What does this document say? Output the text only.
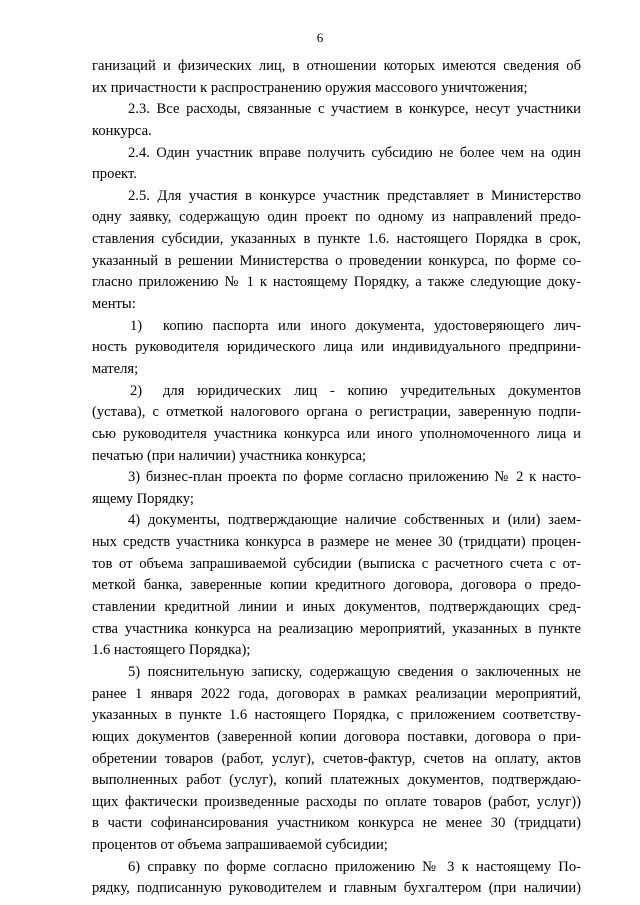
6
ганизаций и физических лиц, в отношении которых имеются сведения об
их причастности к распространению оружия массового уничтожения;
2.3. Все расходы, связанные с участием в конкурсе, несут участники
конкурса.
2.4. Один участник вправе получить субсидию не более чем на один
проект.
2.5. Для участия в конкурсе участник представляет в Министерство
одну заявку, содержащую один проект по одному из направлений предо-
ставления субсидии, указанных в пункте 1.6. настоящего Порядка в срок,
указанный в решении Министерства о проведении конкурса, по форме со-
гласно приложению № 1 к настоящему Порядку, а также следующие доку-
менты:
1)	копию паспорта или иного документа, удостоверяющего лич-
ность руководителя юридического лица или индивидуального предприни-
мателя;
2)	для юридических лиц - копию учредительных документов
(устава), с отметкой налогового органа о регистрации, заверенную подпи-
сью руководителя участника конкурса или иного уполномоченного лица и
печатью (при наличии) участника конкурса;
3) бизнес-план проекта по форме согласно приложению № 2 к насто-
ящему Порядку;
4) документы, подтверждающие наличие собственных и (или) заем-
ных средств участника конкурса в размере не менее 30 (тридцати) процен-
тов от объема запрашиваемой субсидии (выписка с расчетного счета с от-
меткой банка, заверенные копии кредитного договора, договора о предо-
ставлении кредитной линии и иных документов, подтверждающих сред-
ства участника конкурса на реализацию мероприятий, указанных в пункте
1.6 настоящего Порядка);
5) пояснительную записку, содержащую сведения о заключенных не
ранее 1 января 2022 года, договорах в рамках реализации мероприятий,
указанных в пункте 1.6 настоящего Порядка, с приложением соответству-
ющих документов (заверенной копии договора поставки, договора о при-
обретении товаров (работ, услуг), счетов-фактур, счетов на оплату, актов
выполненных работ (услуг), копий платежных документов, подтверждаю-
щих фактически произведенные расходы по оплате товаров (работ, услуг))
в части софинансирования участником конкурса не менее 30 (тридцати)
процентов от объема запрашиваемой субсидии;
6) справку по форме согласно приложению № 3 к настоящему По-
рядку, подписанную руководителем и главным бухгалтером (при наличии)
